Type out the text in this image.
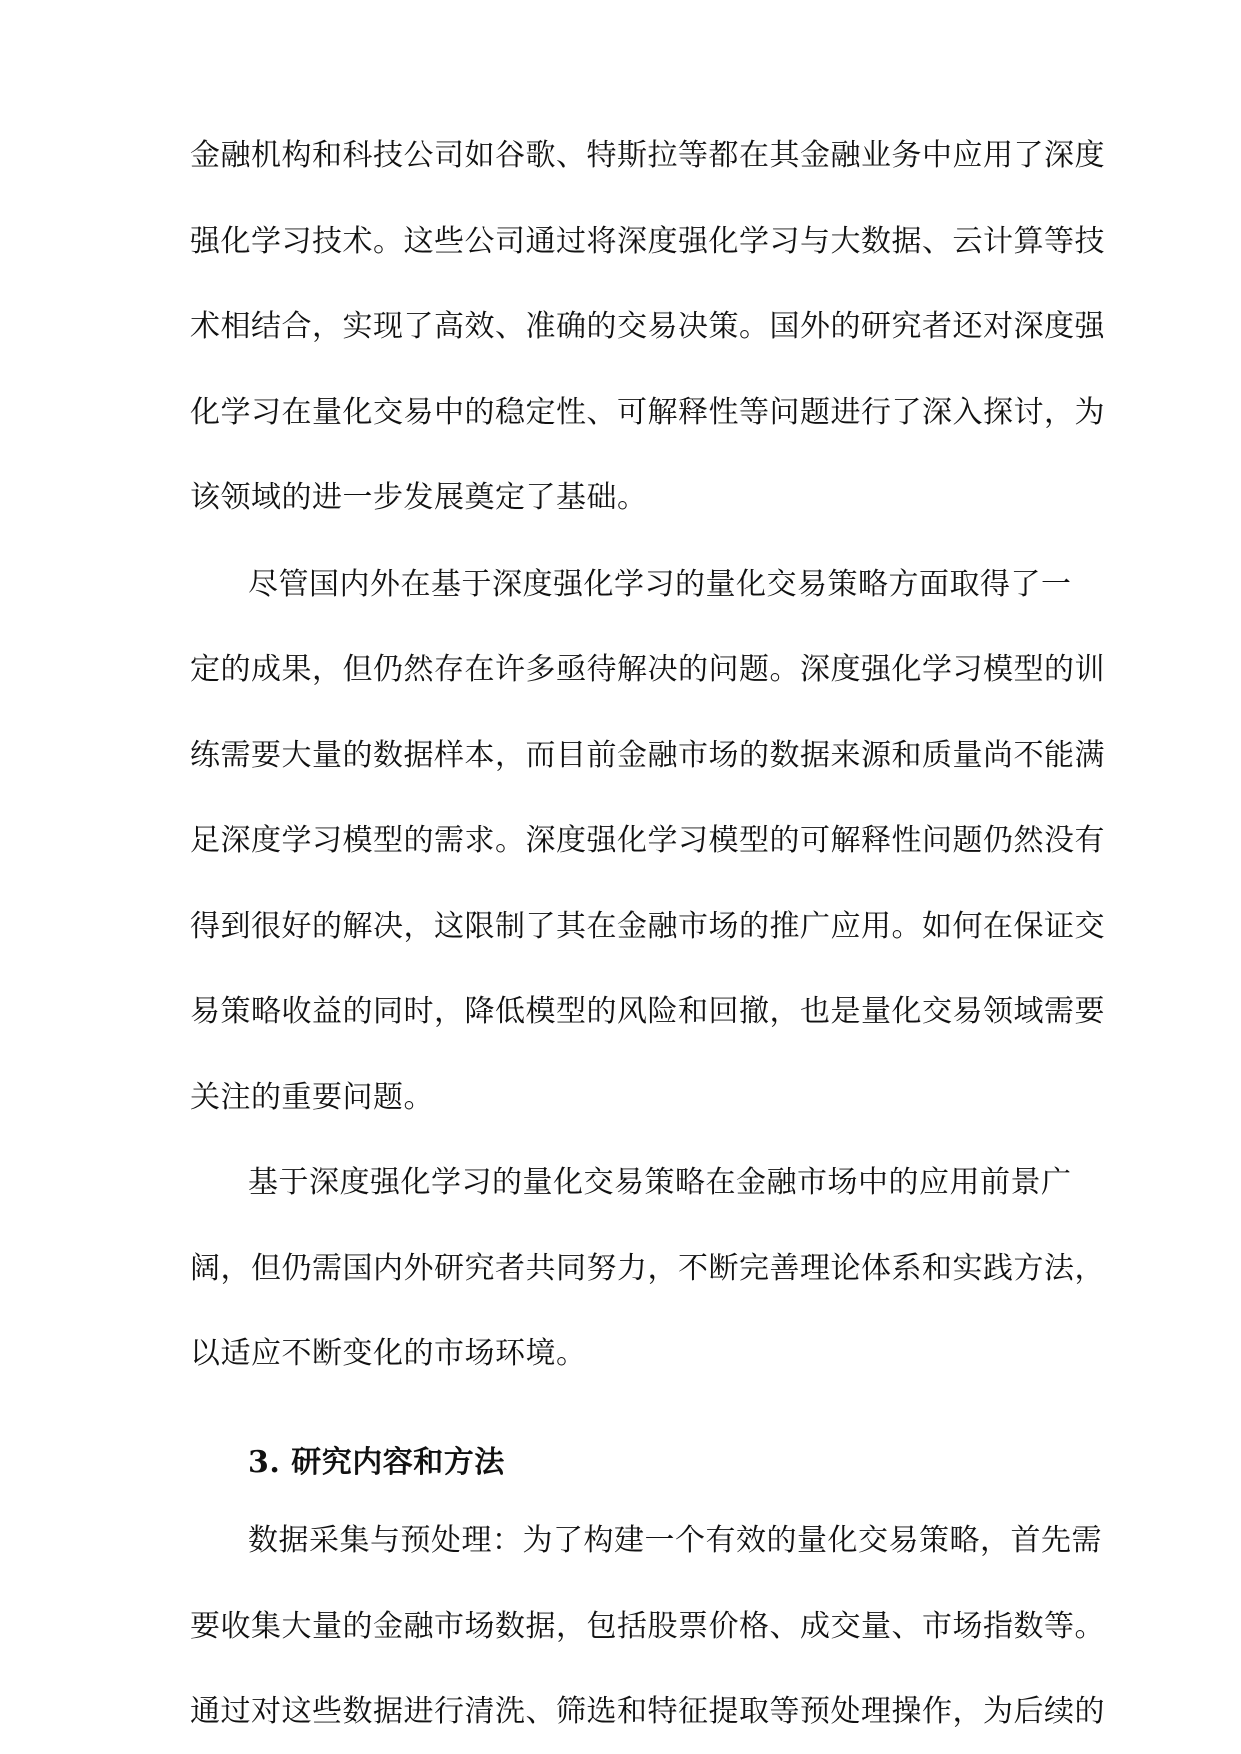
金融机构和科技公司如谷歌、特斯拉等都在其金融业务中应用了深度
强化学习技术。这些公司通过将深度强化学习与大数据、云计算等技
术相结合，实现了高效、准确的交易决策。国外的研究者还对深度强
化学习在量化交易中的稳定性、可解释性等问题进行了深入探讨，为
该领域的进一步发展奠定了基础。
尽管国内外在基于深度强化学习的量化交易策略方面取得了一
定的成果，但仍然存在许多亟待解决的问题。深度强化学习模型的训
练需要大量的数据样本，而目前金融市场的数据来源和质量尚不能满
足深度学习模型的需求。深度强化学习模型的可解释性问题仍然没有
得到很好的解决，这限制了其在金融市场的推广应用。如何在保证交
易策略收益的同时，降低模型的风险和回撤，也是量化交易领域需要
关注的重要问题。
基于深度强化学习的量化交易策略在金融市场中的应用前景广
阔，但仍需国内外研究者共同努力，不断完善理论体系和实践方法，
以适应不断变化的市场环境。
3. 研究内容和方法
数据采集与预处理：为了构建一个有效的量化交易策略，首先需
要收集大量的金融市场数据，包括股票价格、成交量、市场指数等。
通过对这些数据进行清洗、筛选和特征提取等预处理操作，为后续的
